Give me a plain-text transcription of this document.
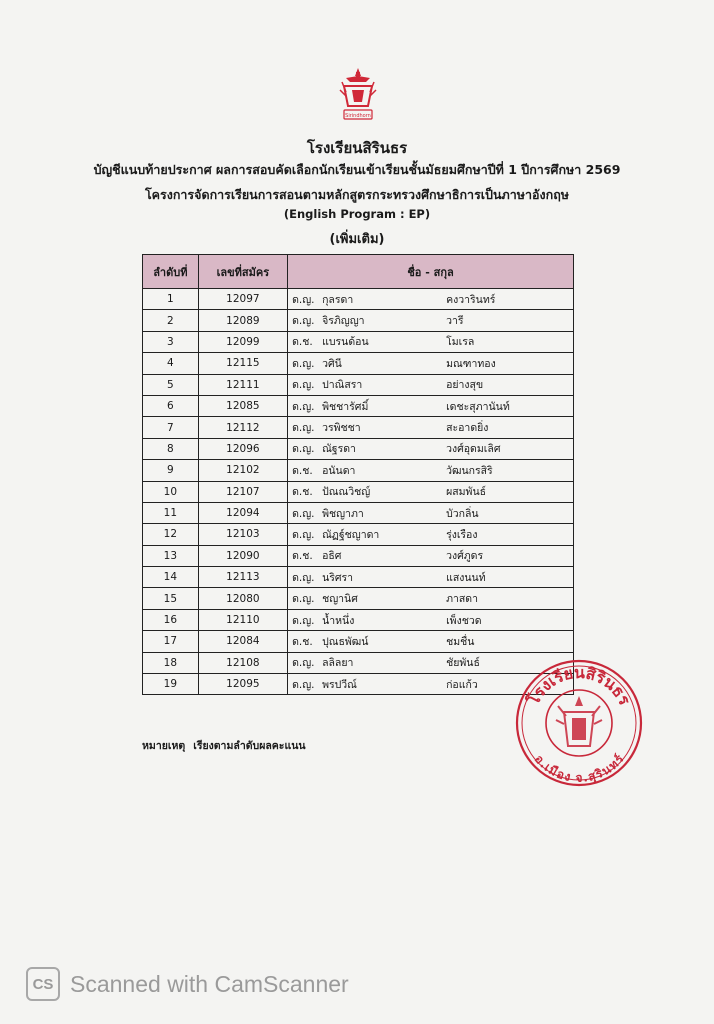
Sirindhorn
โรงเรียนสิรินธร
บัญชีแนบท้ายประกาศ ผลการสอบคัดเลือกนักเรียนเข้าเรียนชั้นมัธยมศึกษาปีที่ 1 ปีการศึกษา 2569
โครงการจัดการเรียนการสอนตามหลักสูตรกระทรวงศึกษาธิการเป็นภาษาอังกฤษ
(English Program : EP)
(เพิ่มเติม)
ลำดับที่	เลขที่สมัคร	ชื่อ - สกุล
1	12097	ด.ญ. กุลรดา คงวารินทร์

2	12089	ด.ญ. จิรภิญญา วารี

3	12099	ด.ช. แบรนด้อน โมเรล

4	12115	ด.ญ. วศินี มณฑาทอง

5	12111	ด.ญ. ปาณิสรา อย่างสุข

6	12085	ด.ญ. พิชชารัศมิ์ เดชะสุภานันท์

7	12112	ด.ญ. วรพิชชา สะอาดยิ่ง

8	12096	ด.ญ. ณัฐรดา วงศ์อุดมเลิศ

9	12102	ด.ช. อนันดา วัฒนกรสิริ

10	12107	ด.ช. ปัณณวิชญ์ ผสมพันธ์

11	12094	ด.ญ. พิชญาภา บัวกลิ่น

12	12103	ด.ญ. ณัฏฐ์ชญาดา รุ่งเรือง

13	12090	ด.ช. อธิศ วงศ์ภูดร

14	12113	ด.ญ. นริศรา แสงนนท์

15	12080	ด.ญ. ชญานิศ ภาสดา

16	12110	ด.ญ. น้ำหนึ่ง เพ็งชวด

17	12084	ด.ช. ปุณธพัฒน์ ชมชื่น

18	12108	ด.ญ. ลลิลยา ชัยพันธ์

19	12095	ด.ญ. พรปวีณ์ ก่อแก้ว
หมายเหตุ เรียงตามลำดับผลคะแนน
โรงเรียนสิรินธร
อ.เมือง จ.สุรินทร์
CS Scanned with CamScanner
